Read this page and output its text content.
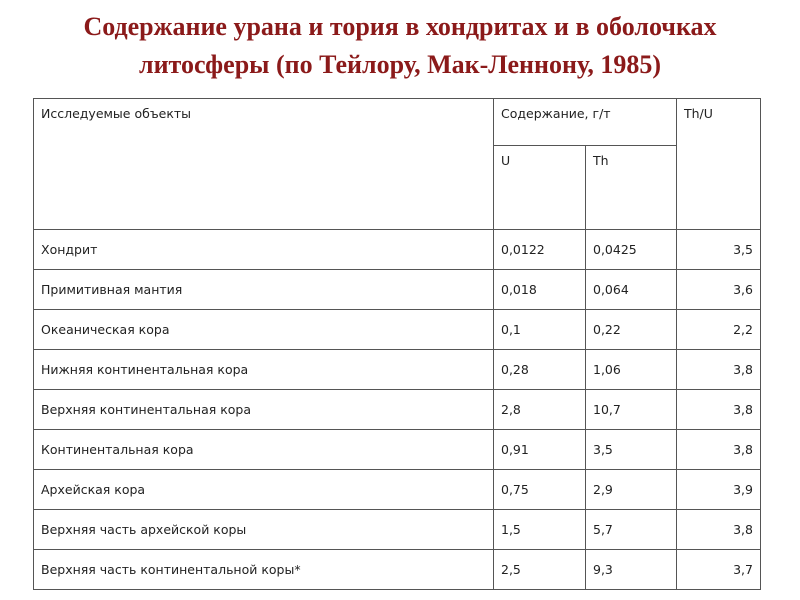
Содержание урана и тория в хондритах и в оболочках
литосферы (по Тейлору, Мак-Леннону, 1985)
Исследуемые объекты	Содержание, г/т		Th/U
	U	Th	
Хондрит	0,0122	0,0425	3,5
Примитивная мантия	0,018	0,064	3,6
Океаническая кора	0,1	0,22	2,2
Нижняя континентальная кора	0,28	1,06	3,8
Верхняя континентальная кора	2,8	10,7	3,8
Континентальная кора	0,91	3,5	3,8
Архейская кора	0,75	2,9	3,9
Верхняя часть архейской коры	1,5	5,7	3,8
Верхняя часть континентальной коры*	2,5	9,3	3,7
